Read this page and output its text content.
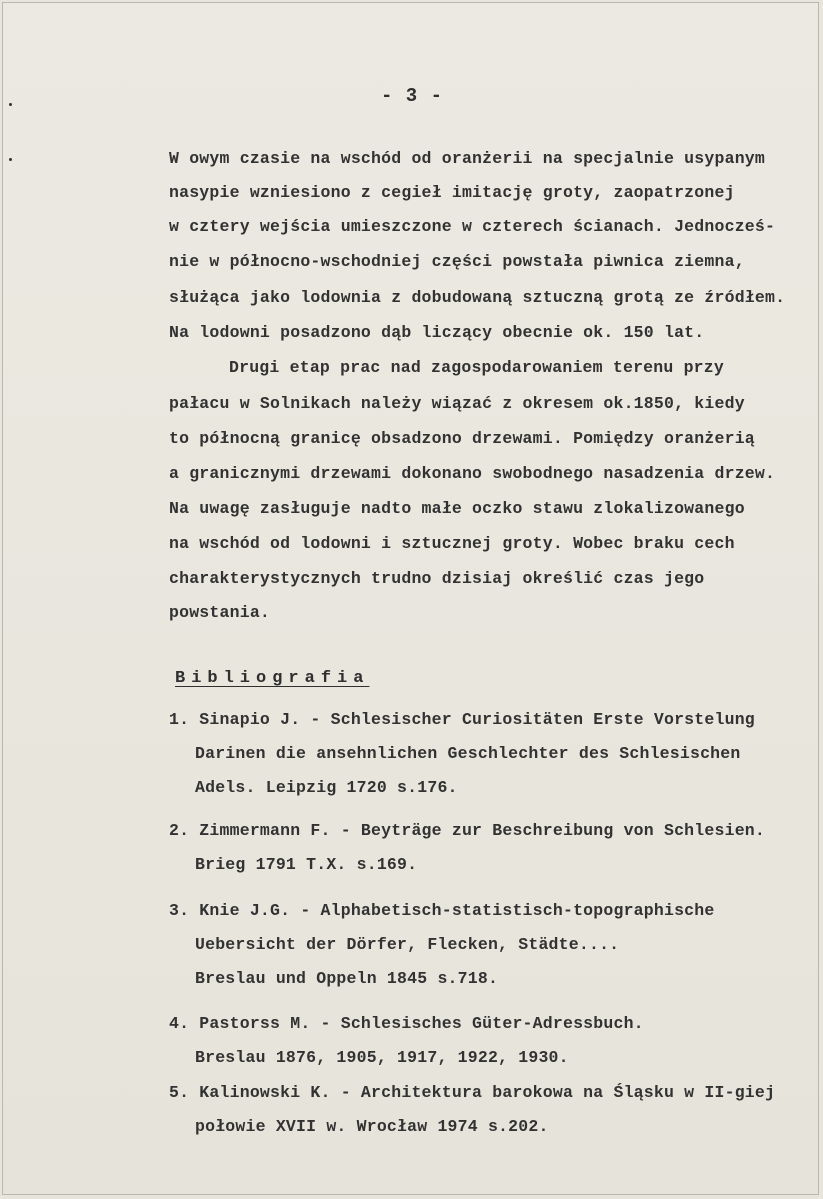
- 3 -
W owym czasie na wschód od oranżerii na specjalnie usypanym
nasypie wzniesiono z cegieł imitację groty, zaopatrzonej
w cztery wejścia umieszczone w czterech ścianach. Jednocześ-
nie w północno-wschodniej części powstała piwnica ziemna,
służąca jako lodownia z dobudowaną sztuczną grotą ze źródłem.
Na lodowni posadzono dąb liczący obecnie ok. 150 lat.
Drugi etap prac nad zagospodarowaniem terenu przy
pałacu w Solnikach należy wiązać z okresem ok.1850, kiedy
to północną granicę obsadzono drzewami. Pomiędzy oranżerią
a granicznymi drzewami dokonano swobodnego nasadzenia drzew.
Na uwagę zasługuje nadto małe oczko stawu zlokalizowanego
na wschód od lodowni i sztucznej groty. Wobec braku cech
charakterystycznych trudno dzisiaj określić czas jego
powstania.
Bibliografia
1. Sinapio J. - Schlesischer Curiositäten Erste Vorstelung
Darinen die ansehnlichen Geschlechter des Schlesischen
Adels. Leipzig 1720 s.176.
2. Zimmermann F. - Beyträge zur Beschreibung von Schlesien.
Brieg 1791 T.X. s.169.
3. Knie J.G. - Alphabetisch-statistisch-topographische
Uebersicht der Dörfer, Flecken, Städte....
Breslau und Oppeln 1845 s.718.
4. Pastorss M. - Schlesisches Güter-Adressbuch.
Breslau 1876, 1905, 1917, 1922, 1930.
5. Kalinowski K. - Architektura barokowa na Śląsku w II-giej
połowie XVII w. Wrocław 1974 s.202.
